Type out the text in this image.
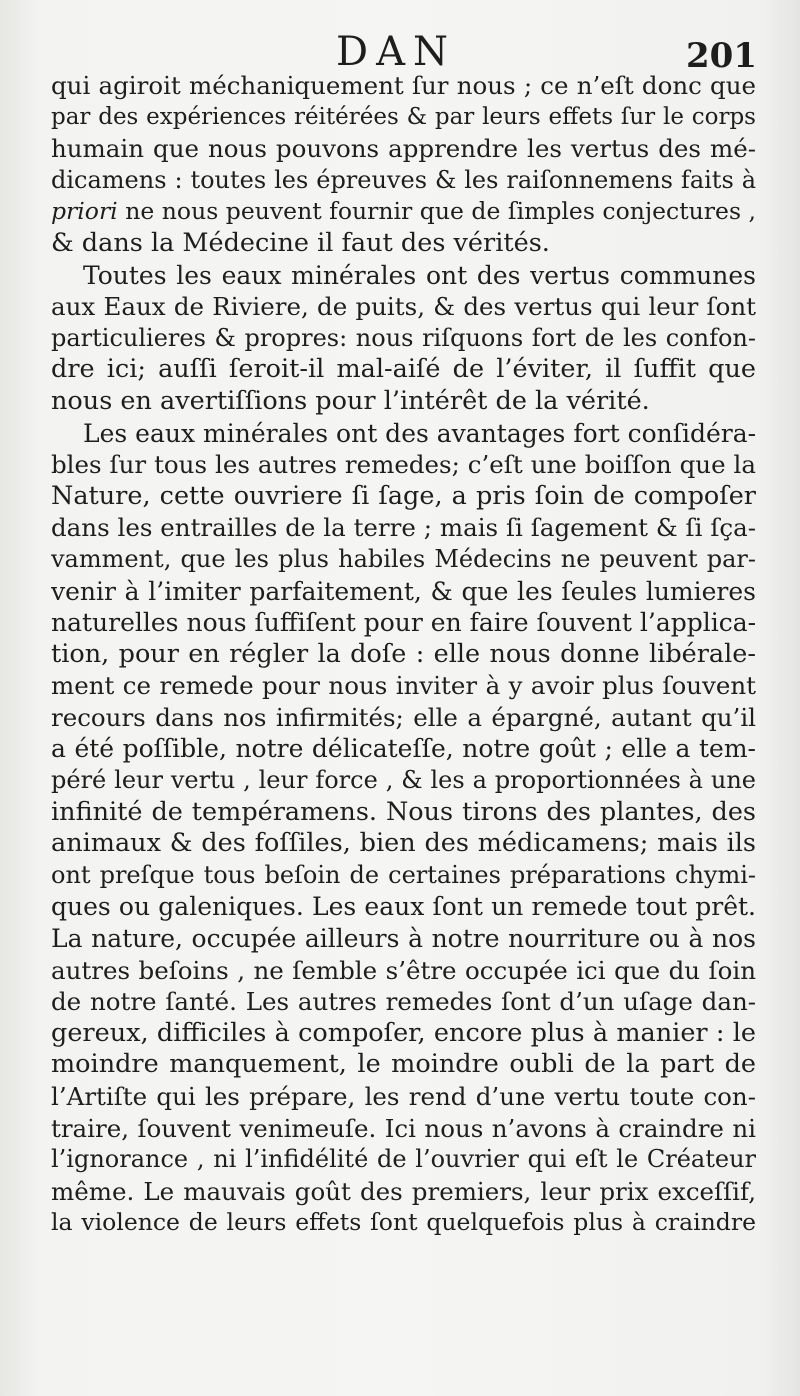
DAN	201
qui agiroit méchaniquement ſur nous ; ce n’eſt donc que
par des expériences réitérées & par leurs effets ſur le corps
humain que nous pouvons apprendre les vertus des mé-
dicamens : toutes les épreuves & les raiſonnemens faits à
priori ne nous peuvent fournir que de ſimples conjectures ,
& dans la Médecine il faut des vérités.
Toutes les eaux minérales ont des vertus communes
aux Eaux de Riviere, de puits, & des vertus qui leur ſont
particulieres & propres: nous riſquons fort de les confon-
dre ici; auſſi ſeroit-il mal-aiſé de l’éviter, il ſuffit que
nous en avertiſſions pour l’intérêt de la vérité.
Les eaux minérales ont des avantages fort conſidéra-
bles ſur tous les autres remedes; c’eſt une boiſſon que la
Nature, cette ouvriere ſi ſage, a pris ſoin de compoſer
dans les entrailles de la terre ; mais ſi ſagement & ſi ſça-
vamment, que les plus habiles Médecins ne peuvent par-
venir à l’imiter parfaitement, & que les ſeules lumieres
naturelles nous ſuffiſent pour en faire ſouvent l’applica-
tion, pour en régler la doſe : elle nous donne libérale-
ment ce remede pour nous inviter à y avoir plus ſouvent
recours dans nos infirmités; elle a épargné, autant qu’il
a été poſſible, notre délicateſſe, notre goût ; elle a tem-
péré leur vertu , leur force , & les a proportionnées à une
infinité de tempéramens. Nous tirons des plantes, des
animaux & des foſſiles, bien des médicamens; mais ils
ont preſque tous beſoin de certaines préparations chymi-
ques ou galeniques. Les eaux ſont un remede tout prêt.
La nature, occupée ailleurs à notre nourriture ou à nos
autres beſoins , ne ſemble s’être occupée ici que du ſoin
de notre ſanté. Les autres remedes ſont d’un uſage dan-
gereux, difficiles à compoſer, encore plus à manier : le
moindre manquement, le moindre oubli de la part de
l’Artiſte qui les prépare, les rend d’une vertu toute con-
traire, ſouvent venimeuſe. Ici nous n’avons à craindre ni
l’ignorance , ni l’infidélité de l’ouvrier qui eſt le Créateur
même. Le mauvais goût des premiers, leur prix exceſſif,
la violence de leurs effets ſont quelquefois plus à craindre
